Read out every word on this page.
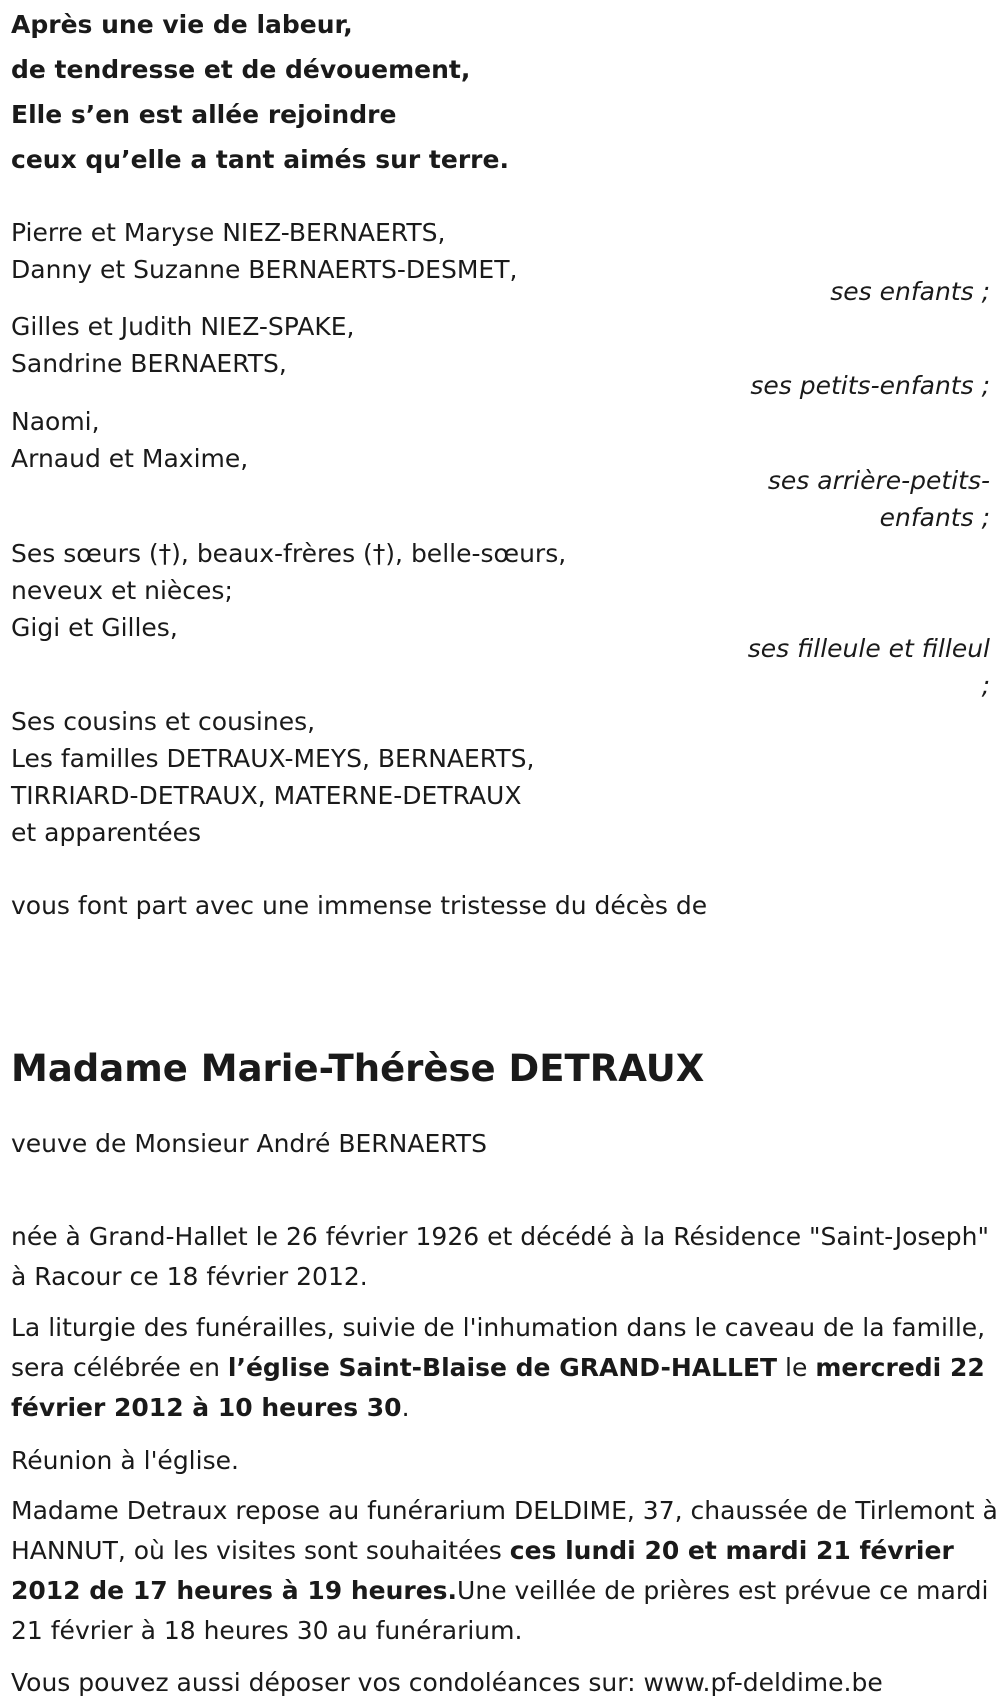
Après une vie de labeur,
de tendresse et de dévouement,
Elle s’en est allée rejoindre
ceux qu’elle a tant aimés sur terre.
Pierre et Maryse NIEZ-BERNAERTS,
Danny et Suzanne BERNAERTS-DESMET,
ses enfants ;
Gilles et Judith NIEZ-SPAKE,
Sandrine BERNAERTS,
ses petits-enfants ;
Naomi,
Arnaud et Maxime,
ses arrière-petits-
enfants ;
Ses sœurs (†), beaux-frères (†), belle-sœurs,
neveux et nièces;
Gigi et Gilles,
ses filleule et filleul
;
Ses cousins et cousines,
Les familles DETRAUX-MEYS, BERNAERTS,
TIRRIARD-DETRAUX, MATERNE-DETRAUX
et apparentées
vous font part avec une immense tristesse du décès de
Madame Marie-Thérèse DETRAUX
veuve de Monsieur André BERNAERTS
née à Grand-Hallet le 26 février 1926 et décédé à la Résidence "Saint-Joseph" à Racour ce 18 février 2012.
La liturgie des funérailles, suivie de l'inhumation dans le caveau de la famille, sera célébrée en l’église Saint-Blaise de GRAND-HALLET le mercredi 22 février 2012 à 10 heures 30.
Réunion à l'église.
Madame Detraux repose au funérarium DELDIME, 37, chaussée de Tirlemont à HANNUT, où les visites sont souhaitées ces lundi 20 et mardi 21 février 2012 de 17 heures à 19 heures.Une veillée de prières est prévue ce mardi 21 février à 18 heures 30 au funérarium.
Vous pouvez aussi déposer vos condoléances sur: www.pf-deldime.be
